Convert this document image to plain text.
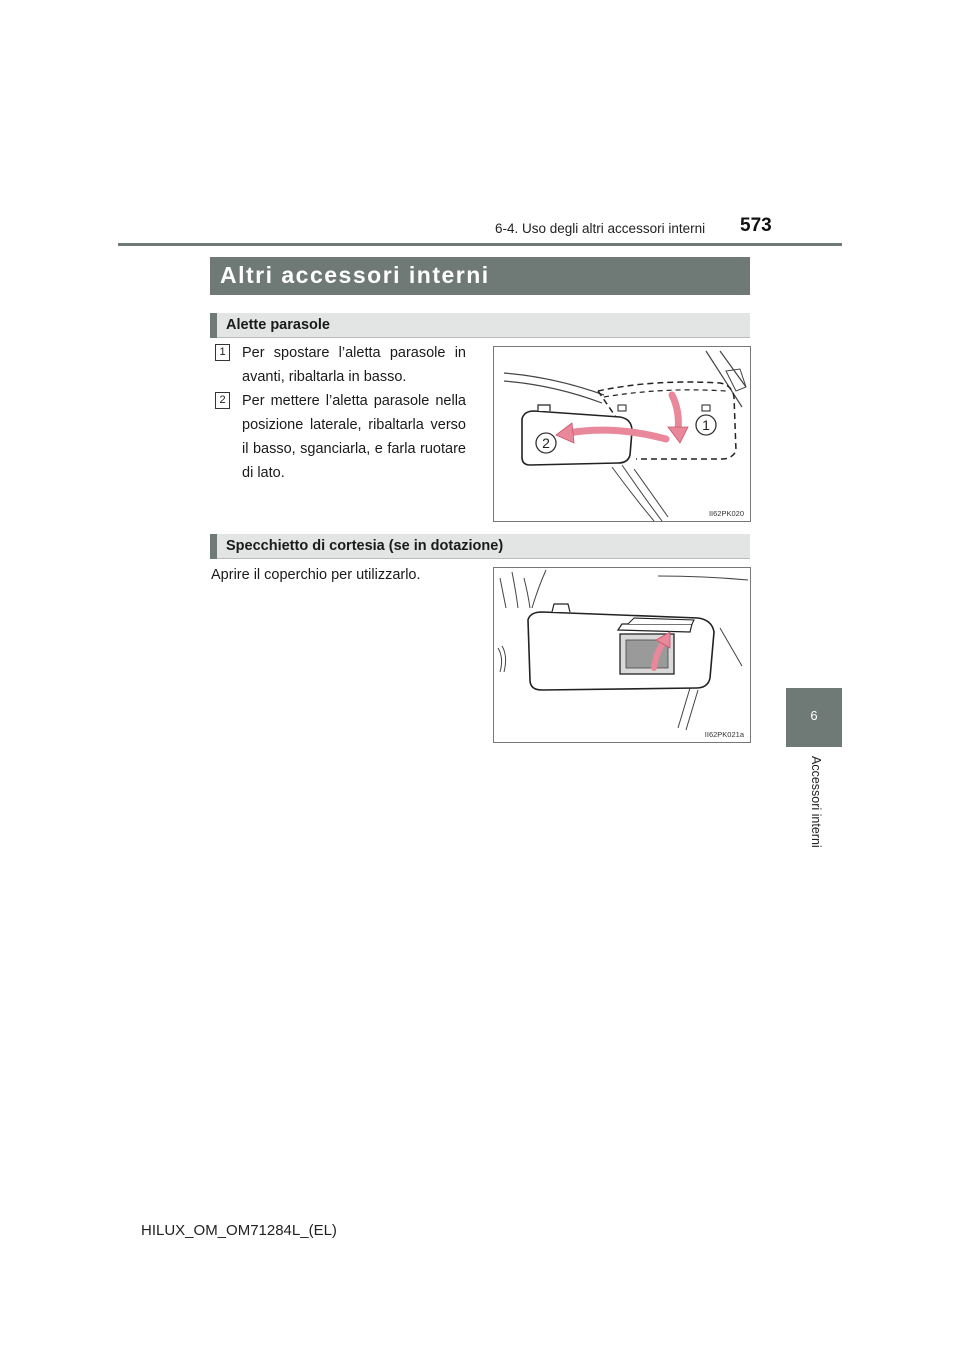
6-4. Uso degli altri accessori interni 573
6
Accessori interni
Altri accessori interni
Alette parasole
1	Per spostare l’aletta parasole in avanti, ribaltarla in basso.
2	Per mettere l’aletta parasole nella posizione laterale, ribaltarla verso il basso, sganciarla, e farla ruotare di lato.
1
2
II62PK020
Specchietto di cortesia (se in dotazione)
Aprire il coperchio per utilizzarlo.
II62PK021a
HILUX_OM_OM71284L_(EL)
